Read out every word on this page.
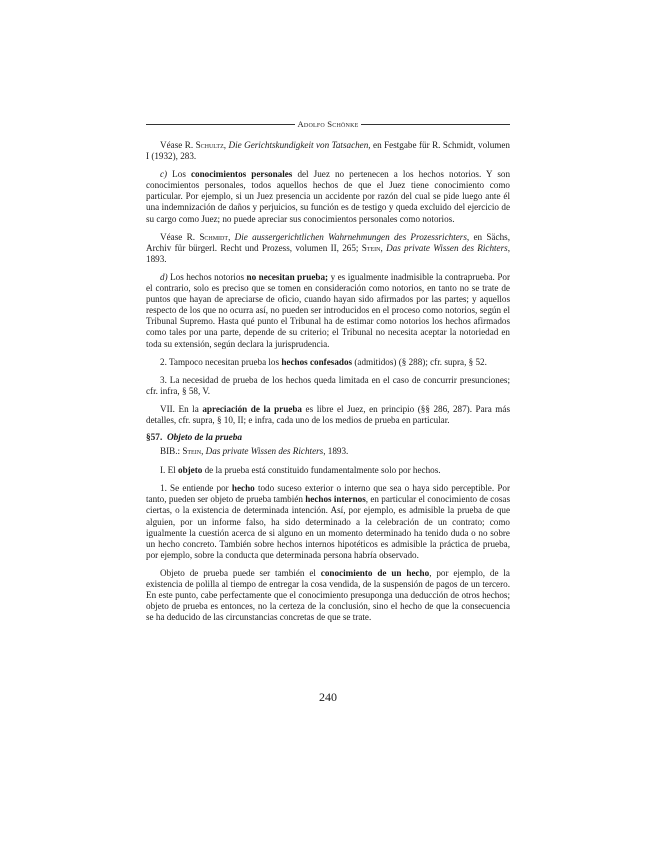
Adolfo Schönke

Véase R. Schultz, Die Gerichtskundigkeit von Tatsachen, en Festgabe für R. Schmidt, volumen I (1932), 283.

c) Los conocimientos personales del Juez no pertenecen a los hechos notorios. Y son conocimientos personales, todos aquellos hechos de que el Juez tiene conocimiento como particular. Por ejemplo, si un Juez presencia un accidente por razón del cual se pide luego ante él una indemnización de daños y perjuicios, su función es de testigo y queda excluido del ejercicio de su cargo como Juez; no puede apreciar sus conocimientos personales como notorios.

Véase R. Schmidt, Die aussergerichtlichen Wahrnehmungen des Prozessrichters, en Sächs, Archiv für bürgerl. Recht und Prozess, volumen II, 265; Stein, Das private Wissen des Richters, 1893.

d) Los hechos notorios no necesitan prueba; y es igualmente inadmisible la contraprueba. Por el contrario, solo es preciso que se tomen en consideración como notorios, en tanto no se trate de puntos que hayan de apreciarse de oficio, cuando hayan sido afirmados por las partes; y aquellos respecto de los que no ocurra así, no pueden ser introducidos en el proceso como notorios, según el Tribunal Supremo. Hasta qué punto el Tribunal ha de estimar como notorios los hechos afirmados como tales por una parte, depende de su criterio; el Tribunal no necesita aceptar la notoriedad en toda su extensión, según declara la jurisprudencia.

2. Tampoco necesitan prueba los hechos confesados (admitidos) (§ 288); cfr. supra, § 52.

3. La necesidad de prueba de los hechos queda limitada en el caso de concurrir presunciones; cfr. infra, § 58, V.

VII. En la apreciación de la prueba es libre el Juez, en principio (§§ 286, 287). Para más detalles, cfr. supra, § 10, II; e infra, cada uno de los medios de prueba en particular.

§57. Objeto de la prueba

BIB.: Stein, Das private Wissen des Richters, 1893.

I. El objeto de la prueba está constituido fundamentalmente solo por hechos.

1. Se entiende por hecho todo suceso exterior o interno que sea o haya sido perceptible. Por tanto, pueden ser objeto de prueba también hechos internos, en particular el conocimiento de cosas ciertas, o la existencia de determinada intención. Así, por ejemplo, es admisible la prueba de que alguien, por un informe falso, ha sido determinado a la celebración de un contrato; como igualmente la cuestión acerca de si alguno en un momento determinado ha tenido duda o no sobre un hecho concreto. También sobre hechos internos hipotéticos es admisible la práctica de prueba, por ejemplo, sobre la conducta que determinada persona habría observado.

Objeto de prueba puede ser también el conocimiento de un hecho, por ejemplo, de la existencia de polilla al tiempo de entregar la cosa vendida, de la suspensión de pagos de un tercero. En este punto, cabe perfectamente que el conocimiento presuponga una deducción de otros hechos; objeto de prueba es entonces, no la certeza de la conclusión, sino el hecho de que la consecuencia se ha deducido de las circunstancias concretas de que se trate.

240
